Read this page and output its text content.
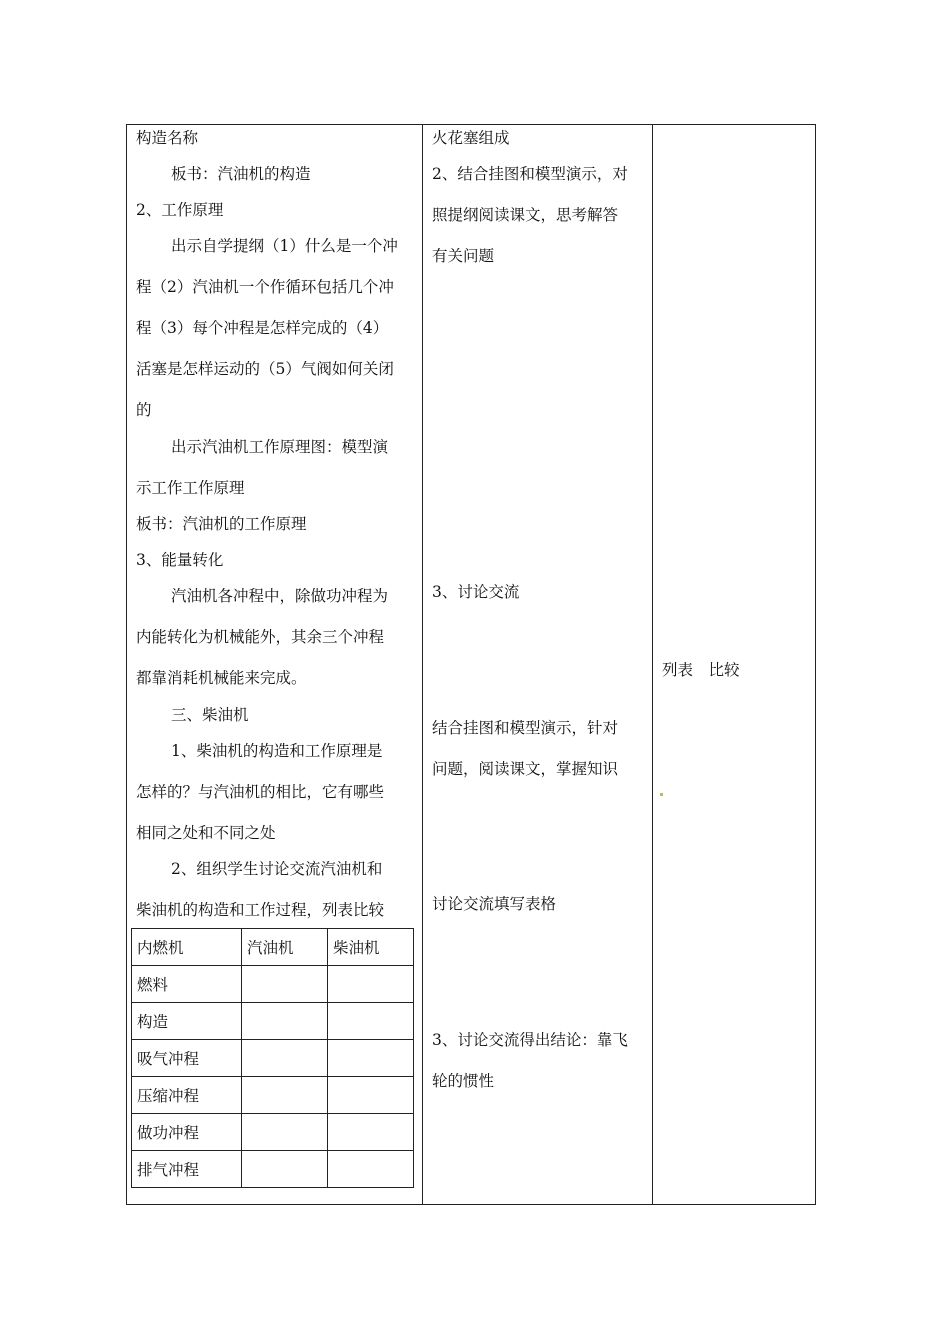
构造名称
板书：汽油机的构造
2、工作原理
出示自学提纲（1）什么是一个冲
程（2）汽油机一个作循环包括几个冲
程（3）每个冲程是怎样完成的（4）
活塞是怎样运动的（5）气阀如何关闭
的
出示汽油机工作原理图：模型演
示工作工作原理
板书：汽油机的工作原理
3、能量转化
汽油机各冲程中，除做功冲程为
内能转化为机械能外，其余三个冲程
都靠消耗机械能来完成。
三、柴油机
1、柴油机的构造和工作原理是
怎样的？与汽油机的相比，它有哪些
相同之处和不同之处
2、组织学生讨论交流汽油机和
柴油机的构造和工作过程，列表比较
内燃机	汽油机	柴油机
燃料		
构造		
吸气冲程		
压缩冲程		
做功冲程		
排气冲程		
火花塞组成
2、结合挂图和模型演示，对
照提纲阅读课文，思考解答
有关问题
3、讨论交流
结合挂图和模型演示，针对
问题，阅读课文，掌握知识
讨论交流填写表格
3、讨论交流得出结论：靠飞
轮的惯性
列表　比较
